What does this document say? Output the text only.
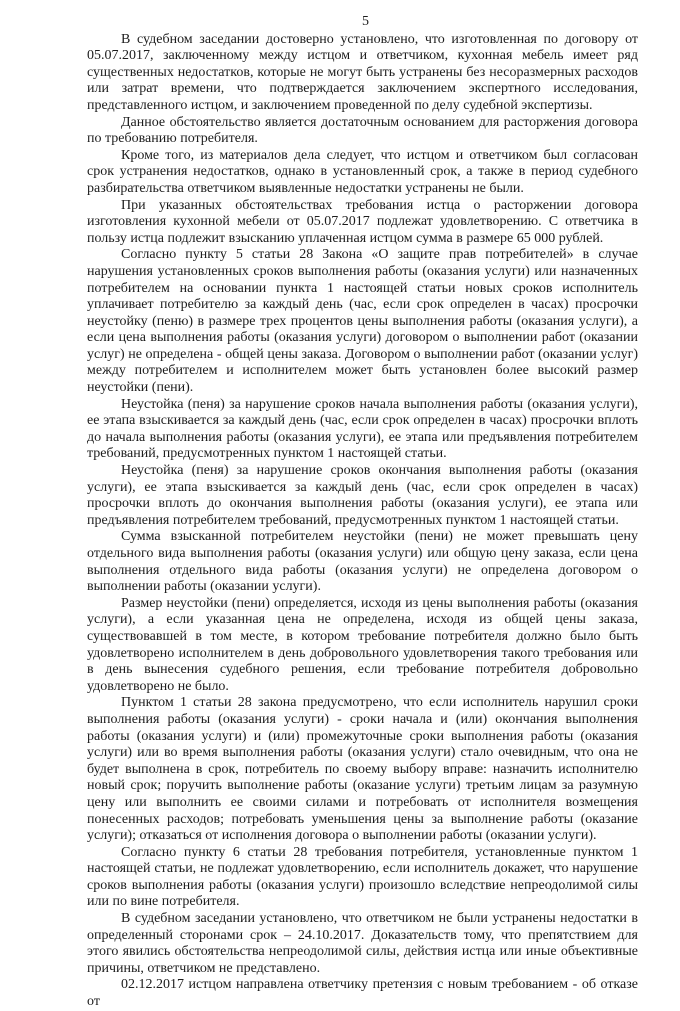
5

В судебном заседании достоверно установлено, что изготовленная по договору от 05.07.2017, заключенному между истцом и ответчиком, кухонная мебель имеет ряд существенных недостатков, которые не могут быть устранены без несоразмерных расходов или затрат времени, что подтверждается заключением экспертного исследования, представленного истцом, и заключением проведенной по делу судебной экспертизы.

Данное обстоятельство является достаточным основанием для расторжения договора по требованию потребителя.

Кроме того, из материалов дела следует, что истцом и ответчиком был согласован срок устранения недостатков, однако в установленный срок, а также в период судебного разбирательства ответчиком выявленные недостатки устранены не были.

При указанных обстоятельствах требования истца о расторжении договора изготовления кухонной мебели от 05.07.2017 подлежат удовлетворению. С ответчика в пользу истца подлежит взысканию уплаченная истцом сумма в размере 65 000 рублей.

Согласно пункту 5 статьи 28 Закона «О защите прав потребителей» в случае нарушения установленных сроков выполнения работы (оказания услуги) или назначенных потребителем на основании пункта 1 настоящей статьи новых сроков исполнитель уплачивает потребителю за каждый день (час, если срок определен в часах) просрочки неустойку (пеню) в размере трех процентов цены выполнения работы (оказания услуги), а если цена выполнения работы (оказания услуги) договором о выполнении работ (оказании услуг) не определена - общей цены заказа. Договором о выполнении работ (оказании услуг) между потребителем и исполнителем может быть установлен более высокий размер неустойки (пени).

Неустойка (пеня) за нарушение сроков начала выполнения работы (оказания услуги), ее этапа взыскивается за каждый день (час, если срок определен в часах) просрочки вплоть до начала выполнения работы (оказания услуги), ее этапа или предъявления потребителем требований, предусмотренных пунктом 1 настоящей статьи.

Неустойка (пеня) за нарушение сроков окончания выполнения работы (оказания услуги), ее этапа взыскивается за каждый день (час, если срок определен в часах) просрочки вплоть до окончания выполнения работы (оказания услуги), ее этапа или предъявления потребителем требований, предусмотренных пунктом 1 настоящей статьи.

Сумма взысканной потребителем неустойки (пени) не может превышать цену отдельного вида выполнения работы (оказания услуги) или общую цену заказа, если цена выполнения отдельного вида работы (оказания услуги) не определена договором о выполнении работы (оказании услуги).

Размер неустойки (пени) определяется, исходя из цены выполнения работы (оказания услуги), а если указанная цена не определена, исходя из общей цены заказа, существовавшей в том месте, в котором требование потребителя должно было быть удовлетворено исполнителем в день добровольного удовлетворения такого требования или в день вынесения судебного решения, если требование потребителя добровольно удовлетворено не было.

Пунктом 1 статьи 28 закона предусмотрено, что если исполнитель нарушил сроки выполнения работы (оказания услуги) - сроки начала и (или) окончания выполнения работы (оказания услуги) и (или) промежуточные сроки выполнения работы (оказания услуги) или во время выполнения работы (оказания услуги) стало очевидным, что она не будет выполнена в срок, потребитель по своему выбору вправе: назначить исполнителю новый срок; поручить выполнение работы (оказание услуги) третьим лицам за разумную цену или выполнить ее своими силами и потребовать от исполнителя возмещения понесенных расходов; потребовать уменьшения цены за выполнение работы (оказание услуги); отказаться от исполнения договора о выполнении работы (оказании услуги).

Согласно пункту 6 статьи 28 требования потребителя, установленные пунктом 1 настоящей статьи, не подлежат удовлетворению, если исполнитель докажет, что нарушение сроков выполнения работы (оказания услуги) произошло вследствие непреодолимой силы или по вине потребителя.

В судебном заседании установлено, что ответчиком не были устранены недостатки в определенный сторонами срок – 24.10.2017. Доказательств тому, что препятствием для этого явились обстоятельства непреодолимой силы, действия истца или иные объективные причины, ответчиком не представлено.

02.12.2017 истцом направлена ответчику претензия с новым требованием - об отказе от
